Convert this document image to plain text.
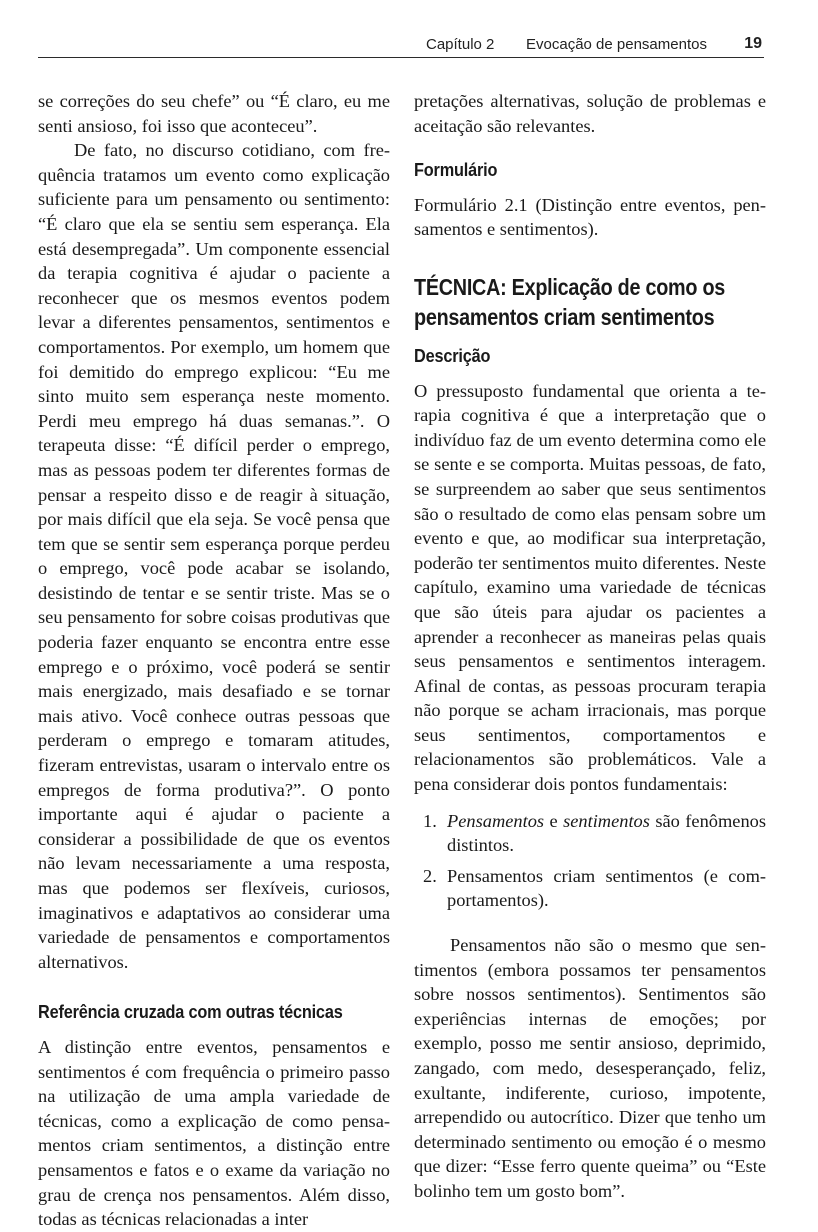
Capítulo 2 Evocação de pensamentos 19

se correções do seu chefe” ou “É claro, eu me senti ansioso, foi isso que aconteceu”.

De fato, no discurso cotidiano, com frequência tratamos um evento como explicação suficiente para um pensamento ou sentimento: “É claro que ela se sentiu sem esperança. Ela está desempregada”. Um componente essencial da terapia cognitiva é ajudar o paciente a reconhecer que os mesmos eventos podem levar a diferentes pensamentos, sentimentos e comportamentos. Por exemplo, um homem que foi demitido do emprego explicou: “Eu me sinto muito sem esperança neste momento. Perdi meu emprego há duas semanas.”. O terapeuta disse: “É difícil perder o emprego, mas as pessoas podem ter diferentes formas de pensar a respeito disso e de reagir à situação, por mais difícil que ela seja. Se você pensa que tem que se sentir sem esperança porque perdeu o emprego, você pode acabar se isolando, desistindo de tentar e se sentir triste. Mas se o seu pensamento for sobre coisas produtivas que poderia fazer enquanto se encontra entre esse emprego e o próximo, você poderá se sentir mais energizado, mais desafiado e se tornar mais ativo. Você conhece outras pessoas que perderam o emprego e tomaram atitudes, fizeram entrevistas, usaram o intervalo entre os empregos de forma produtiva?”. O ponto importante aqui é ajudar o paciente a considerar a possibilidade de que os eventos não levam necessariamente a uma resposta, mas que podemos ser flexíveis, curiosos, imaginativos e adaptativos ao considerar uma variedade de pensamentos e comportamentos alternativos.

Referência cruzada com outras técnicas

A distinção entre eventos, pensamentos e sentimentos é com frequência o primeiro passo na utilização de uma ampla variedade de técnicas, como a explicação de como pensamentos criam sentimentos, a distinção entre pensamentos e fatos e o exame da variação no grau de crença nos pensamentos. Além disso, todas as técnicas relacionadas a inter

pretações alternativas, solução de problemas e aceitação são relevantes.

Formulário

Formulário 2.1 (Distinção entre eventos, pensamentos e sentimentos).

TÉCNICA: Explicação de como os pensamentos criam sentimentos
Descrição

O pressuposto fundamental que orienta a terapia cognitiva é que a interpretação que o indivíduo faz de um evento determina como ele se sente e se comporta. Muitas pessoas, de fato, se surpreendem ao saber que seus sentimentos são o resultado de como elas pensam sobre um evento e que, ao modificar sua interpretação, poderão ter sentimentos muito diferentes. Neste capítulo, examino uma variedade de técnicas que são úteis para ajudar os pacientes a aprender a reconhecer as maneiras pelas quais seus pensamentos e sentimentos interagem. Afinal de contas, as pessoas procuram terapia não porque se acham irracionais, mas porque seus sentimentos, comportamentos e relacionamentos são problemáticos. Vale a pena considerar dois pontos fundamentais:

1. Pensamentos e sentimentos são fenômenos distintos.
2. Pensamentos criam sentimentos (e comportamentos).

Pensamentos não são o mesmo que sentimentos (embora possamos ter pensamentos sobre nossos sentimentos). Sentimentos são experiências internas de emoções; por exemplo, posso me sentir ansioso, deprimido, zangado, com medo, desesperançado, feliz, exultante, indiferente, curioso, impotente, arrependido ou autocrítico. Dizer que tenho um determinado sentimento ou emoção é o mesmo que dizer: “Esse ferro quente queima” ou “Este bolinho tem um gosto bom”.
